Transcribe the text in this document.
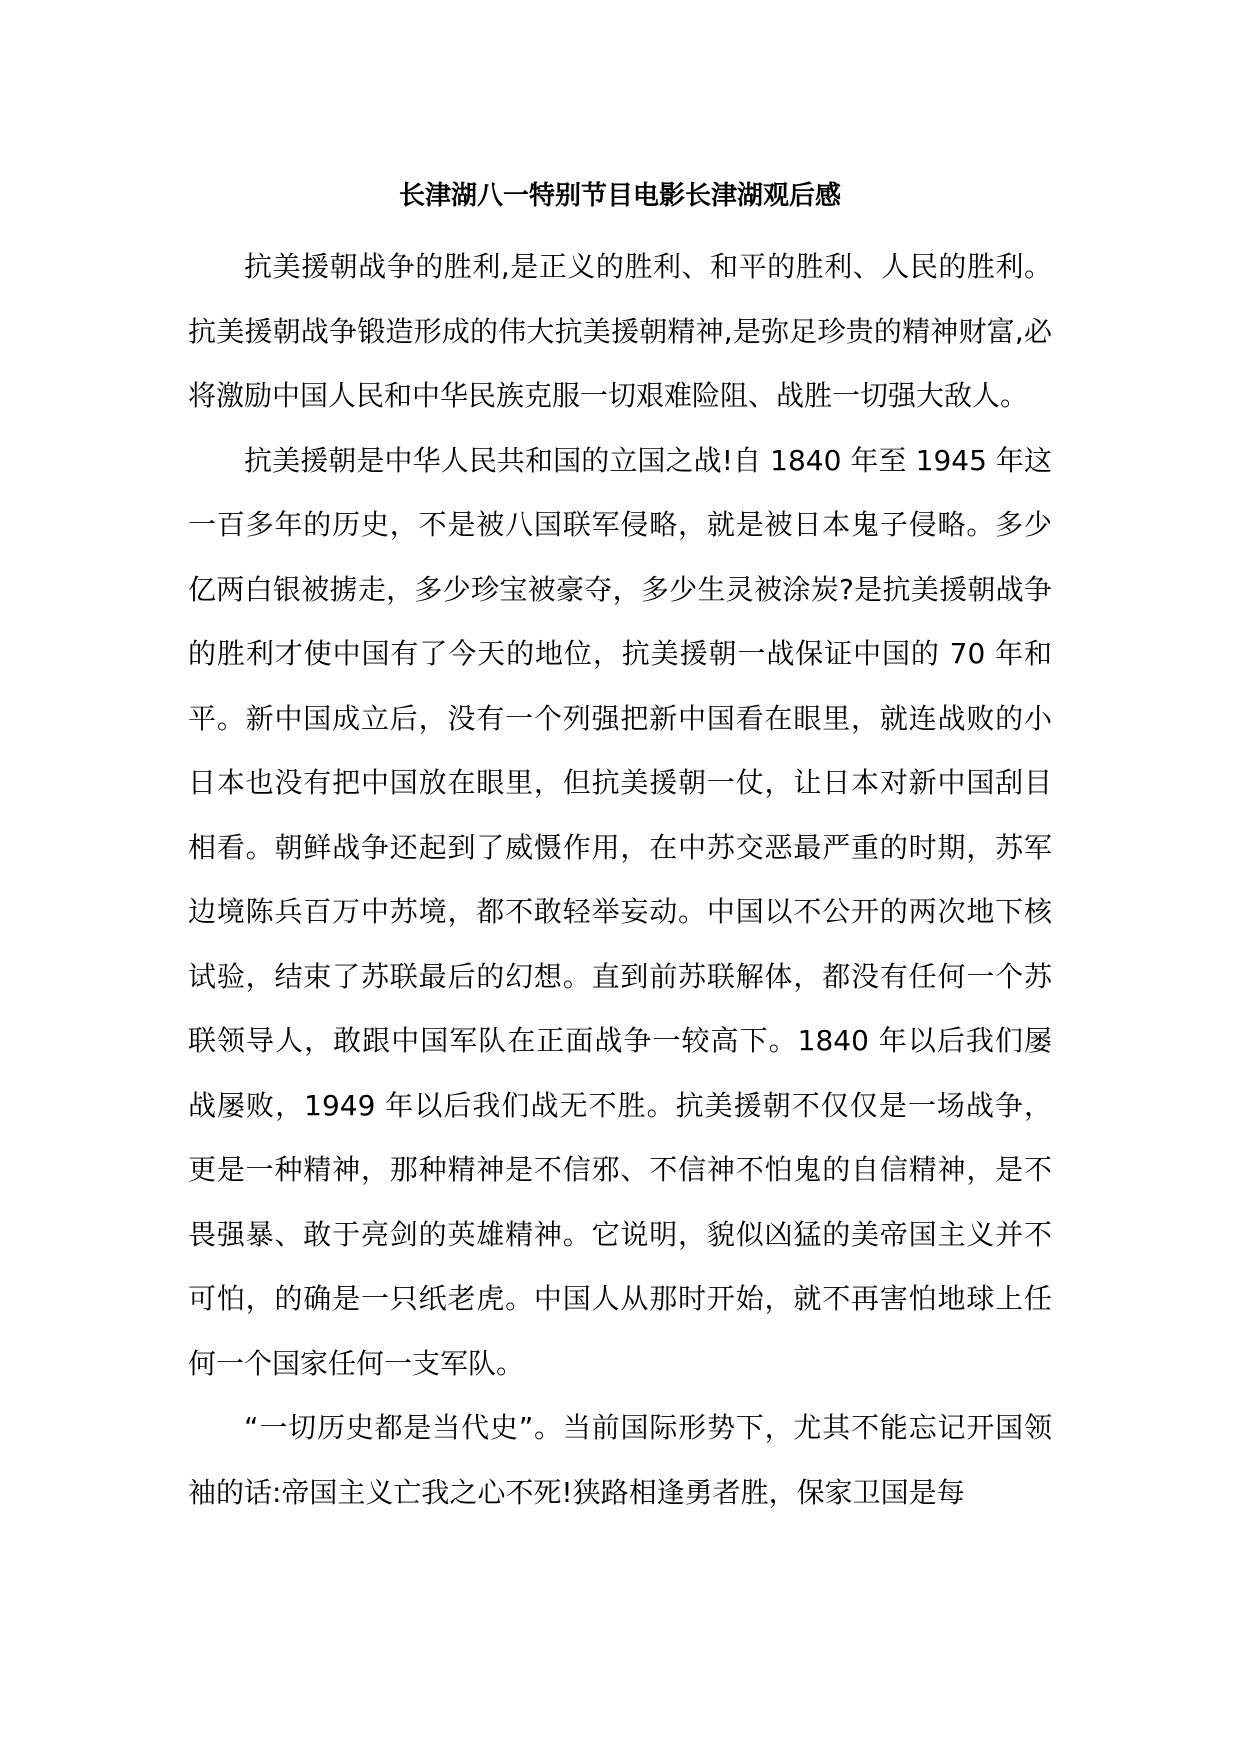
长津湖八一特别节目电影长津湖观后感

抗美援朝战争的胜利,是正义的胜利、和平的胜利、人民的胜利。抗美援朝战争锻造形成的伟大抗美援朝精神,是弥足珍贵的精神财富,必将激励中国人民和中华民族克服一切艰难险阻、战胜一切强大敌人。

抗美援朝是中华人民共和国的立国之战!自 1840 年至 1945 年这一百多年的历史，不是被八国联军侵略，就是被日本鬼子侵略。多少亿两白银被掳走，多少珍宝被豪夺，多少生灵被涂炭?是抗美援朝战争的胜利才使中国有了今天的地位，抗美援朝一战保证中国的 70 年和平。新中国成立后，没有一个列强把新中国看在眼里，就连战败的小日本也没有把中国放在眼里，但抗美援朝一仗，让日本对新中国刮目相看。朝鲜战争还起到了威慑作用，在中苏交恶最严重的时期，苏军边境陈兵百万中苏境，都不敢轻举妄动。中国以不公开的两次地下核试验，结束了苏联最后的幻想。直到前苏联解体，都没有任何一个苏联领导人，敢跟中国军队在正面战争一较高下。1840 年以后我们屡战屡败，1949 年以后我们战无不胜。抗美援朝不仅仅是一场战争，更是一种精神，那种精神是不信邪、不信神不怕鬼的自信精神，是不畏强暴、敢于亮剑的英雄精神。它说明，貌似凶猛的美帝国主义并不可怕，的确是一只纸老虎。中国人从那时开始，就不再害怕地球上任何一个国家任何一支军队。

“一切历史都是当代史”。当前国际形势下，尤其不能忘记开国领袖的话:帝国主义亡我之心不死!狭路相逢勇者胜，保家卫国是每
